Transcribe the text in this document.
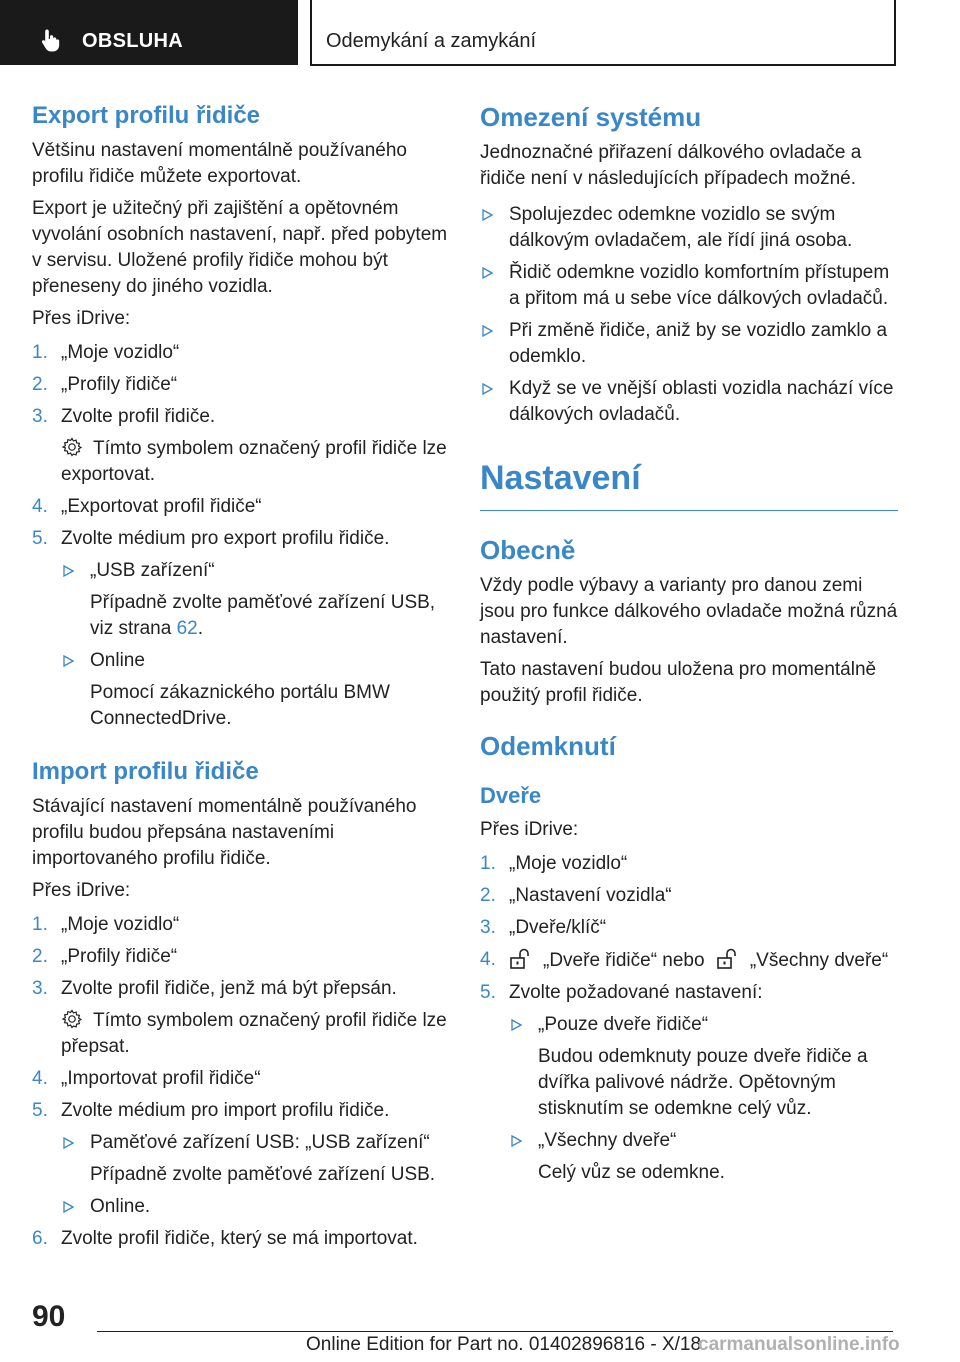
OBSLUHA	Odemykání a zamykání
Export profilu řidiče

Většinu nastavení momentálně používaného profilu řidiče můžete exportovat.

Export je užitečný při zajištění a opětovném vyvolání osobních nastavení, např. před pobytem v servisu. Uložené profily řidiče mohou být přeneseny do jiného vozidla.

Přes iDrive:

1. „Moje vozidlo“
2. „Profily řidiče“
3. Zvolte profil řidiče.
Tímto symbolem označený profil řidiče lze exportovat.
4. „Exportovat profil řidiče“
5. Zvolte médium pro export profilu řidiče.
„USB zařízení“
Případně zvolte paměťové zařízení USB, viz strana 62.
Online
Pomocí zákaznického portálu BMW ConnectedDrive.
Import profilu řidiče

Stávající nastavení momentálně používaného profilu budou přepsána nastaveními importovaného profilu řidiče.

Přes iDrive:

1. „Moje vozidlo“
2. „Profily řidiče“
3. Zvolte profil řidiče, jenž má být přepsán.
Tímto symbolem označený profil řidiče lze přepsat.
4. „Importovat profil řidiče“
5. Zvolte médium pro import profilu řidiče.
Paměťové zařízení USB: „USB zařízení“
Případně zvolte paměťové zařízení USB.
Online.
6. Zvolte profil řidiče, který se má importovat.
Omezení systému

Jednoznačné přiřazení dálkového ovladače a řidiče není v následujících případech možné.

Spolujezdec odemkne vozidlo se svým dálkovým ovladačem, ale řídí jiná osoba.
Řidič odemkne vozidlo komfortním přístupem a přitom má u sebe více dálkových ovladačů.
Při změně řidiče, aniž by se vozidlo zamklo a odemklo.
Když se ve vnější oblasti vozidla nachází více dálkových ovladačů.
Nastavení
Obecně

Vždy podle výbavy a varianty pro danou zemi jsou pro funkce dálkového ovladače možná různá nastavení.

Tato nastavení budou uložena pro momentálně použitý profil řidiče.

Odemknutí
Dveře

Přes iDrive:

1. „Moje vozidlo“
2. „Nastavení vozidla“
3. „Dveře/klíč“
4. „Dveře řidiče“ nebo „Všechny dveře“
5. Zvolte požadované nastavení:
„Pouze dveře řidiče“
Budou odemknuty pouze dveře řidiče a dvířka palivové nádrže. Opětovným stisknutím se odemkne celý vůz.
„Všechny dveře“
Celý vůz se odemkne.
90
Online Edition for Part no. 01402896816 - X/18
carmanualsonline.info
